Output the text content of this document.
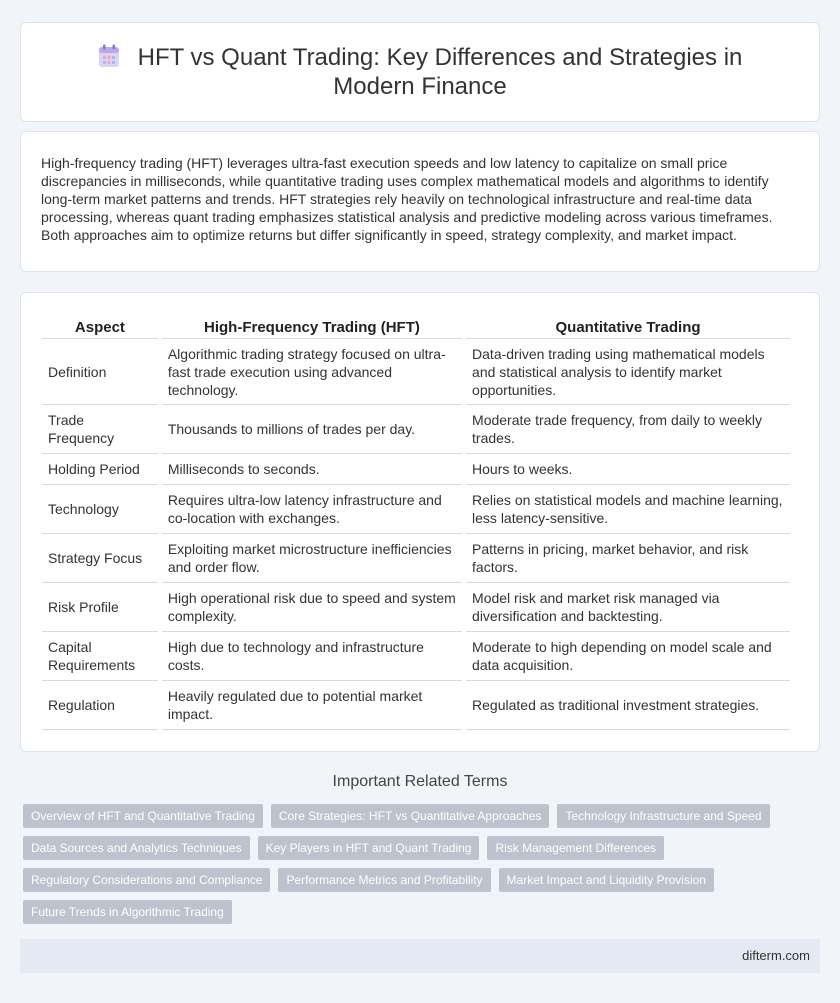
HFT vs Quant Trading: Key Differences and Strategies in Modern Finance

High-frequency trading (HFT) leverages ultra-fast execution speeds and low latency to capitalize on small price discrepancies in milliseconds, while quantitative trading uses complex mathematical models and algorithms to identify long-term market patterns and trends. HFT strategies rely heavily on technological infrastructure and real-time data processing, whereas quant trading emphasizes statistical analysis and predictive modeling across various timeframes. Both approaches aim to optimize returns but differ significantly in speed, strategy complexity, and market impact.

Aspect	High-Frequency Trading (HFT)	Quantitative Trading
Definition	Algorithmic trading strategy focused on ultra-fast trade execution using advanced technology.	Data-driven trading using mathematical models and statistical analysis to identify market opportunities.
Trade Frequency	Thousands to millions of trades per day.	Moderate trade frequency, from daily to weekly trades.
Holding Period	Milliseconds to seconds.	Hours to weeks.
Technology	Requires ultra-low latency infrastructure and co-location with exchanges.	Relies on statistical models and machine learning, less latency-sensitive.
Strategy Focus	Exploiting market microstructure inefficiencies and order flow.	Patterns in pricing, market behavior, and risk factors.
Risk Profile	High operational risk due to speed and system complexity.	Model risk and market risk managed via diversification and backtesting.
Capital Requirements	High due to technology and infrastructure costs.	Moderate to high depending on model scale and data acquisition.
Regulation	Heavily regulated due to potential market impact.	Regulated as traditional investment strategies.
Important Related Terms
Overview of HFT and Quantitative Trading	Core Strategies: HFT vs Quantitative Approaches	Technology Infrastructure and Speed
Data Sources and Analytics Techniques	Key Players in HFT and Quant Trading	Risk Management Differences
Regulatory Considerations and Compliance	Performance Metrics and Profitability	Market Impact and Liquidity Provision
Future Trends in Algorithmic Trading
difterm.com
